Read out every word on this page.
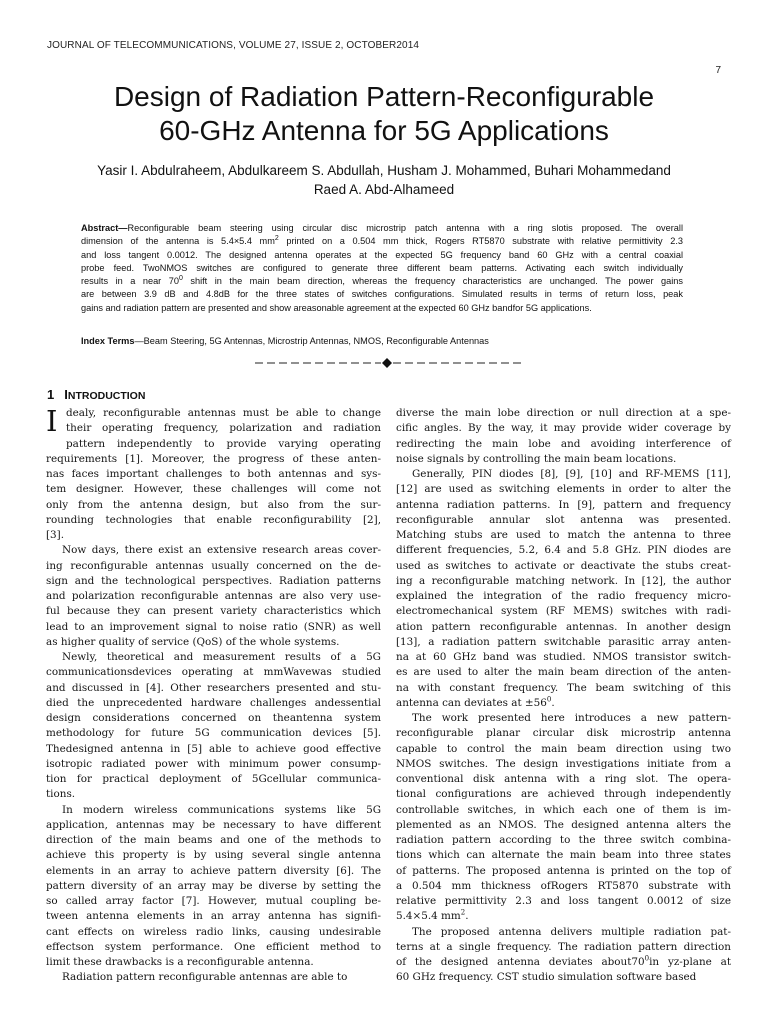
JOURNAL OF TELECOMMUNICATIONS, VOLUME 27, ISSUE 2, OCTOBER2014
7
Design of Radiation Pattern-Reconfigurable
60-GHz Antenna for 5G Applications
Yasir I. Abdulraheem, Abdulkareem S. Abdullah, Husham J. Mohammed, Buhari Mohammedand
Raed A. Abd-Alhameed
Abstract—Reconfigurable beam steering using circular disc microstrip patch antenna with a ring slotis proposed. The overall
dimension of the antenna is 5.4×5.4 $mm^2$ printed on a 0.504 mm thick, Rogers RT5870 substrate with relative permittivity 2.3
and loss tangent 0.0012. The designed antenna operates at the expected 5G frequency band 60 GHz with a central coaxial
probe feed. TwoNMOS switches are configured to generate three different beam patterns. Activating each switch individually
results in a near $70^0$ shift in the main beam direction, whereas the frequency characteristics are unchanged. The power gains
are between 3.9 dB and 4.8dB for the three states of switches configurations. Simulated results in terms of return loss, peak
gains and radiation pattern are presented and show areasonable agreement at the expected 60 GHz bandfor 5G applications.
Index Terms—Beam Steering, 5G Antennas, Microstrip Antennas, NMOS, Reconfigurable Antennas
1 INTRODUCTION
I dealy, reconfigurable antennas must be able to change
their operating frequency, polarization and radiation
pattern independently to provide varying operating
requirements [1]. Moreover, the progress of these anten-
nas faces important challenges to both antennas and sys-
tem designer. However, these challenges will come not
only from the antenna design, but also from the sur-
rounding technologies that enable reconfigurability [2],
[3].
Now days, there exist an extensive research areas cover-
ing reconfigurable antennas usually concerned on the de-
sign and the technological perspectives. Radiation patterns
and polarization reconfigurable antennas are also very use-
ful because they can present variety characteristics which
lead to an improvement signal to noise ratio (SNR) as well
as higher quality of service (QoS) of the whole systems.
Newly, theoretical and measurement results of a 5G
communicationsdevices operating at mmWavewas studied
and discussed in [4]. Other researchers presented and stu-
died the unprecedented hardware challenges andessential
design considerations concerned on theantenna system
methodology for future 5G communication devices [5].
Thedesigned antenna in [5] able to achieve good effective
isotropic radiated power with minimum power consump-
tion for practical deployment of 5Gcellular communica-
tions.
In modern wireless communications systems like 5G
application, antennas may be necessary to have different
direction of the main beams and one of the methods to
achieve this property is by using several single antenna
elements in an array to achieve pattern diversity [6]. The
pattern diversity of an array may be diverse by setting the
so called array factor [7]. However, mutual coupling be-
tween antenna elements in an array antenna has signifi-
cant effects on wireless radio links, causing undesirable
effectson system performance. One efficient method to
limit these drawbacks is a reconfigurable antenna.
Radiation pattern reconfigurable antennas are able to
diverse the main lobe direction or null direction at a spe-
cific angles. By the way, it may provide wider coverage by
redirecting the main lobe and avoiding interference of
noise signals by controlling the main beam locations.
Generally, PIN diodes [8], [9], [10] and RF-MEMS [11],
[12] are used as switching elements in order to alter the
antenna radiation patterns. In [9], pattern and frequency
reconfigurable annular slot antenna was presented.
Matching stubs are used to match the antenna to three
different frequencies, 5.2, 6.4 and 5.8 GHz. PIN diodes are
used as switches to activate or deactivate the stubs creat-
ing a reconfigurable matching network. In [12], the author
explained the integration of the radio frequency micro-
electromechanical system (RF MEMS) switches with radi-
ation pattern reconfigurable antennas. In another design
[13], a radiation pattern switchable parasitic array anten-
na at 60 GHz band was studied. NMOS transistor switch-
es are used to alter the main beam direction of the anten-
na with constant frequency. The beam switching of this
antenna can deviates at $\pm 56^0$.
The work presented here introduces a new pattern-
reconfigurable planar circular disk microstrip antenna
capable to control the main beam direction using two
NMOS switches. The design investigations initiate from a
conventional disk antenna with a ring slot. The opera-
tional configurations are achieved through independently
controllable switches, in which each one of them is im-
plemented as an NMOS. The designed antenna alters the
radiation pattern according to the three switch combina-
tions which can alternate the main beam into three states
of patterns. The proposed antenna is printed on the top of
a 0.504 mm thickness ofRogers RT5870 substrate with
relative permittivity 2.3 and loss tangent 0.0012 of size
5.4×5.4 $mm^2$.
The proposed antenna delivers multiple radiation pat-
terns at a single frequency. The radiation pattern direction
of the designed antenna deviates $about70^0in$ yz-plane at
60 GHz frequency. CST studio simulation software based
